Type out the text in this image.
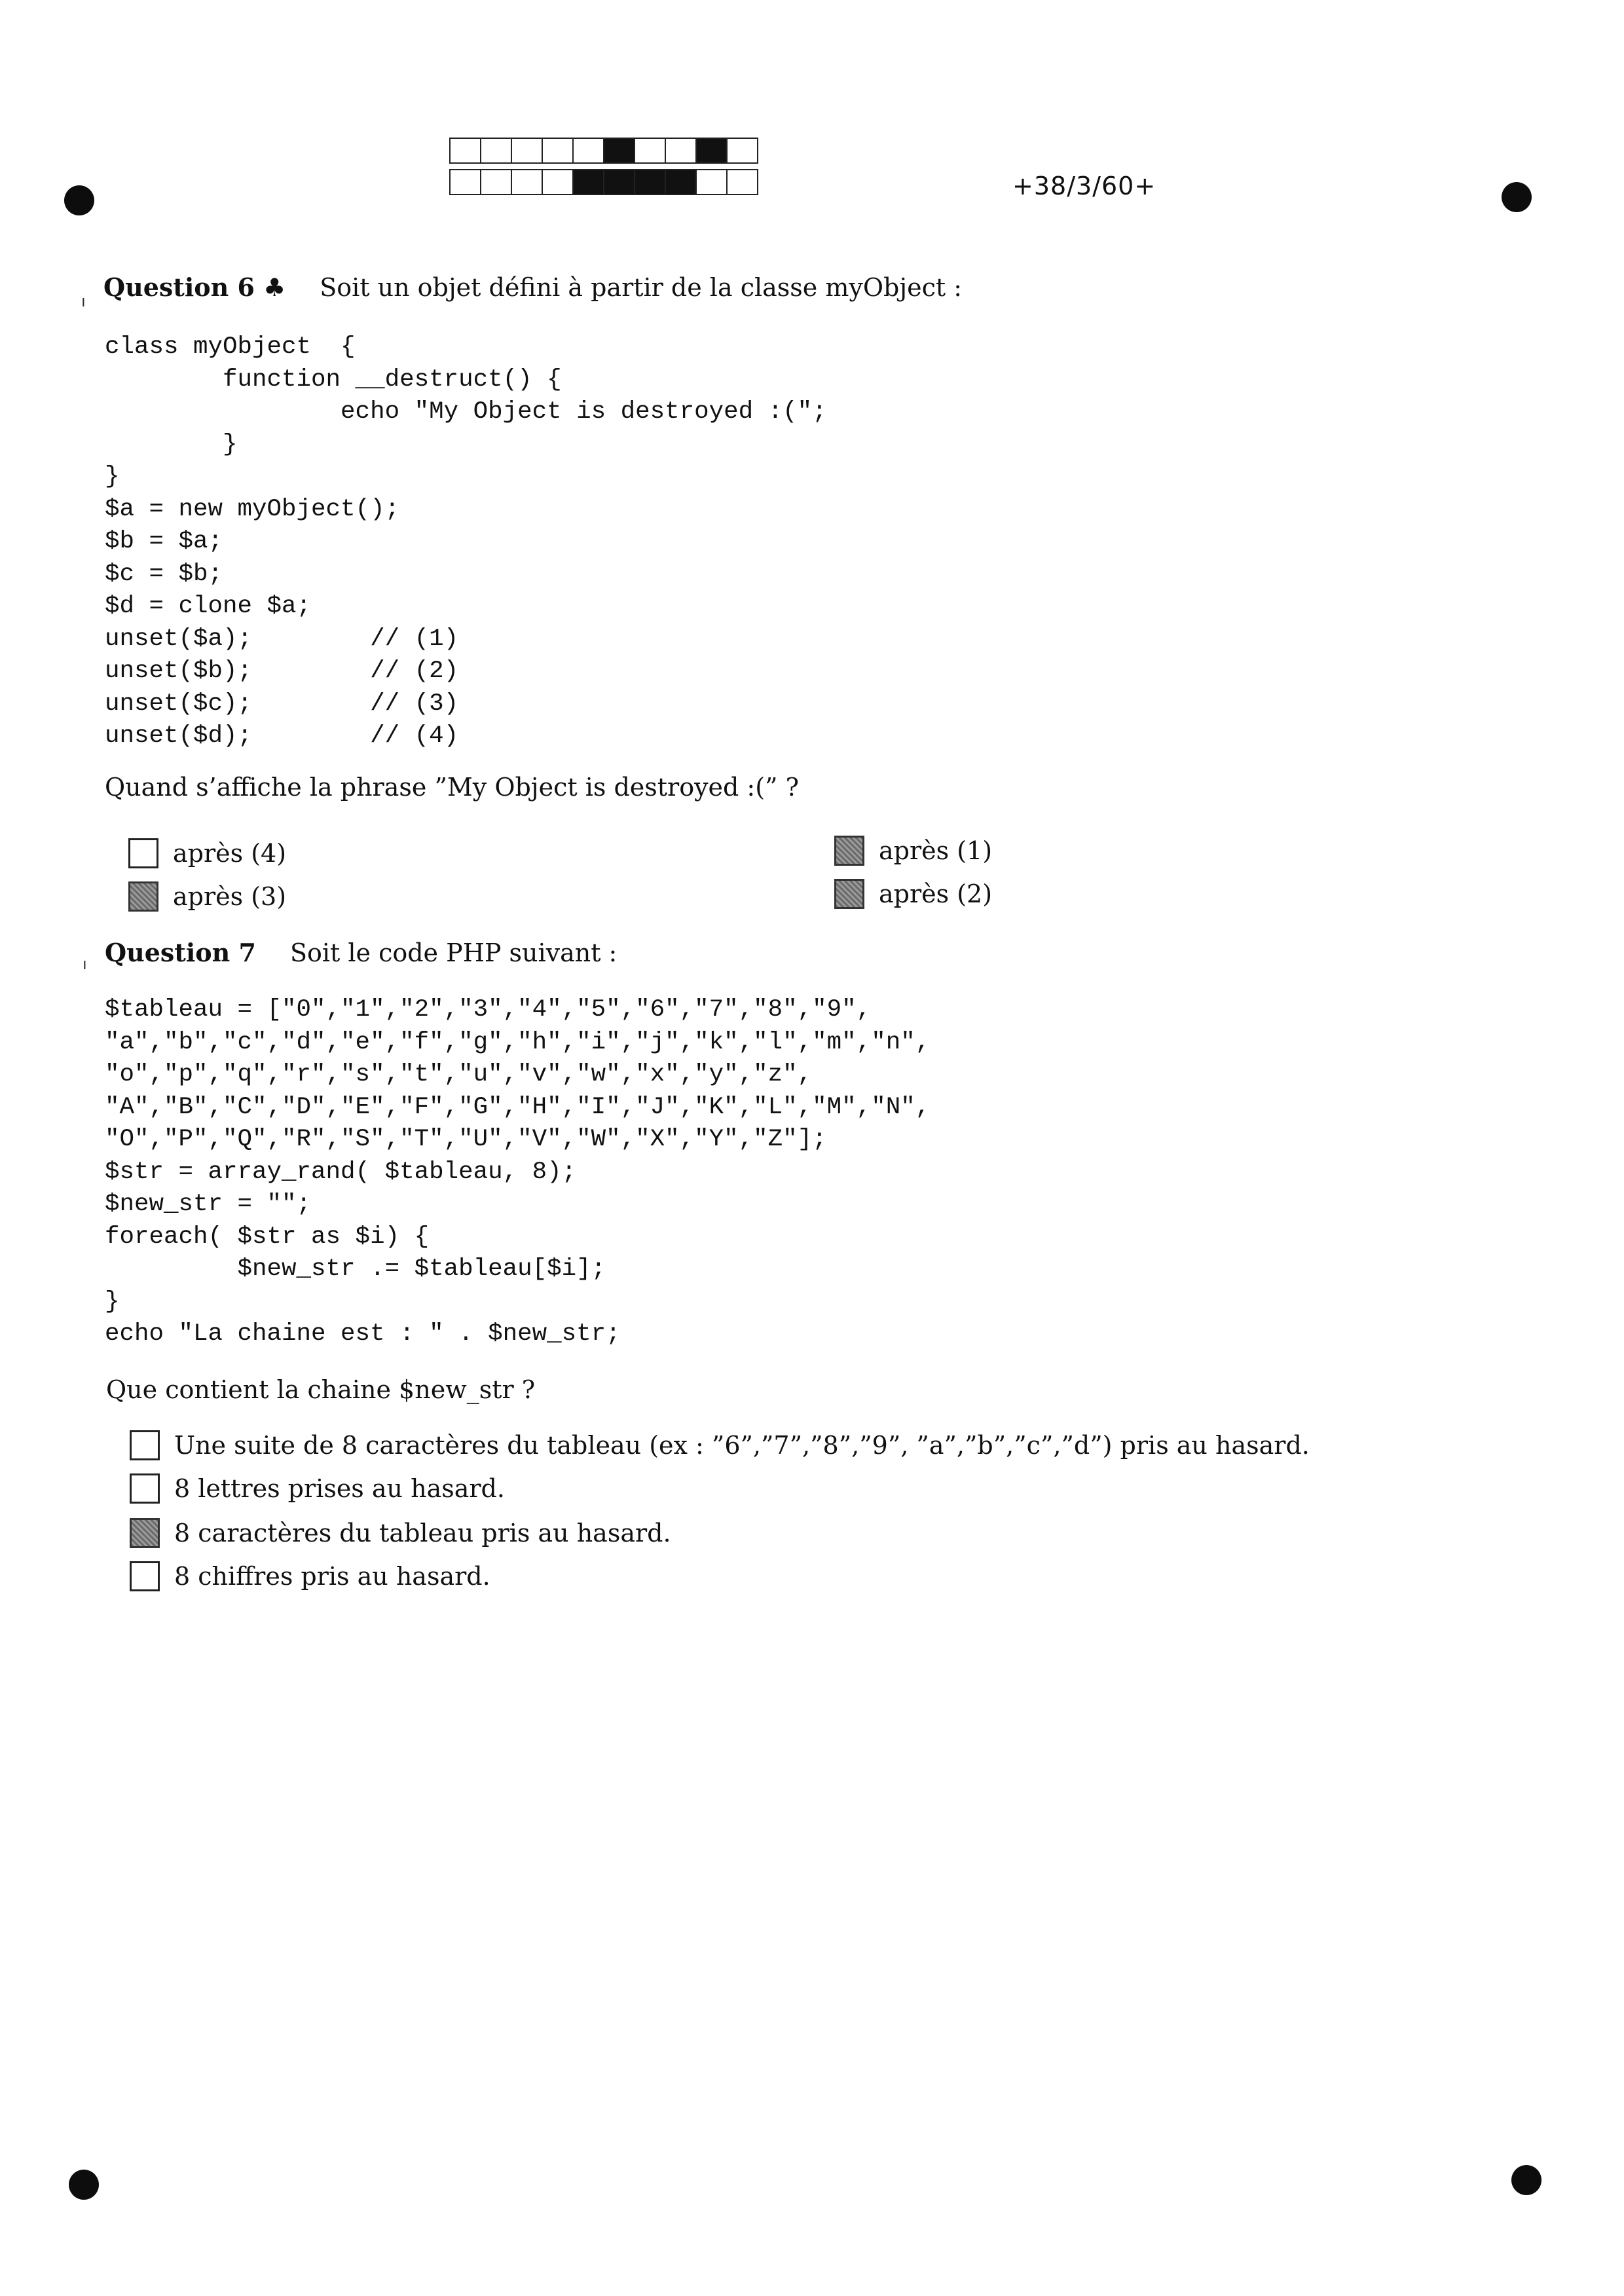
+38/3/60+
ı Question 6 ♣ Soit un objet défini à partir de la classe myObject :
class myObject  {
function __destruct() {
echo "My Object is destroyed :(";
}
}
$a = new myObject();
$b = $a;
$c = $b;
$d = clone $a;
unset($a);        // (1)
unset($b);        // (2)
unset($c);        // (3)
unset($d);        // (4)
Quand s’affiche la phrase ”My Object is destroyed :(” ?
après (4)
après (3)
après (1)
après (2)
ı Question 7 Soit le code PHP suivant :
$tableau = ["0","1","2","3","4","5","6","7","8","9",
"a","b","c","d","e","f","g","h","i","j","k","l","m","n",
"o","p","q","r","s","t","u","v","w","x","y","z",
"A","B","C","D","E","F","G","H","I","J","K","L","M","N",
"O","P","Q","R","S","T","U","V","W","X","Y","Z"];
$str = array_rand( $tableau, 8);
$new_str = "";
foreach( $str as $i) {
$new_str .= $tableau[$i];
}
echo "La chaine est : " . $new_str;
Que contient la chaine $new_str ?
Une suite de 8 caractères du tableau (ex : ”6”,”7”,”8”,”9”, ”a”,”b”,”c”,”d”) pris au hasard.
8 lettres prises au hasard.
8 caractères du tableau pris au hasard.
8 chiffres pris au hasard.
